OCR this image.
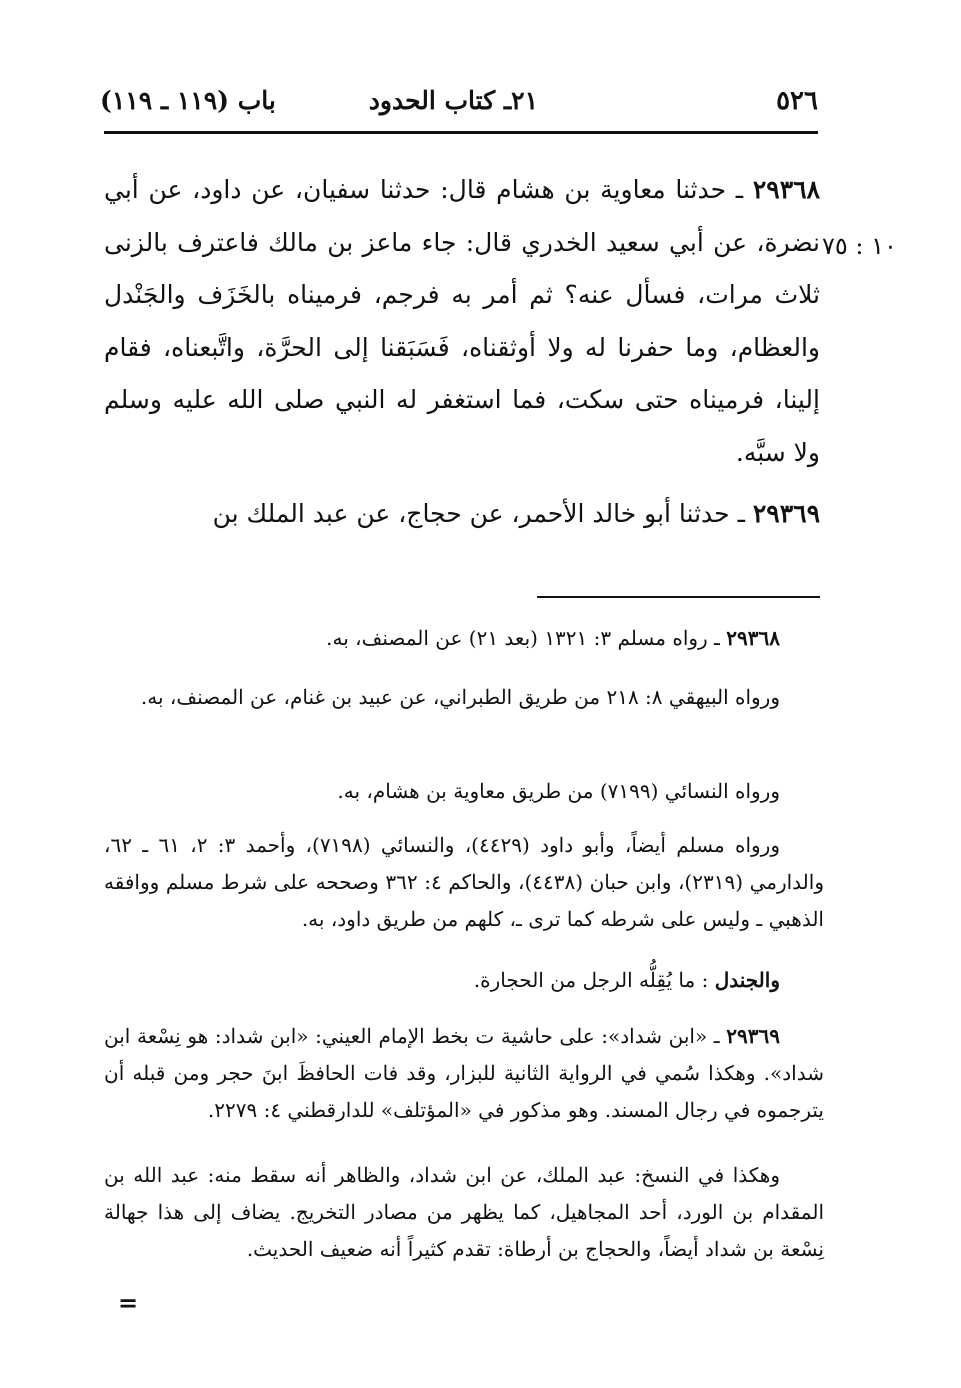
٥٢٦
٢١ـ كتاب الحدود
باب (١١٩ ـ ١١٩)
١٠ : ٧٥

٢٩٣٦٨ ـ حدثنا معاوية بن هشام قال: حدثنا سفيان، عن داود، عن أبي نضرة، عن أبي سعيد الخدري قال: جاء ماعز بن مالك فاعترف بالزنى ثلاث مرات، فسأل عنه؟ ثم أمر به فرجم، فرميناه بالخَزَف والجَنْدل والعظام، وما حفرنا له ولا أوثقناه، فَسَبَقنا إلى الحرَّة، واتَّبعناه، فقام إلينا، فرميناه حتى سكت، فما استغفر له النبي صلى الله عليه وسلم ولا سبَّه.

٢٩٣٦٩ ـ حدثنا أبو خالد الأحمر، عن حجاج، عن عبد الملك بن

٢٩٣٦٨ ـ رواه مسلم ٣: ١٣٢١ (بعد ٢١) عن المصنف، به.

ورواه البيهقي ٨: ٢١٨ من طريق الطبراني، عن عبيد بن غنام، عن المصنف، به.

ورواه النسائي (٧١٩٩) من طريق معاوية بن هشام، به.

ورواه مسلم أيضاً، وأبو داود (٤٤٢٩)، والنسائي (٧١٩٨)، وأحمد ٣: ٢، ٦١ ـ ٦٢، والدارمي (٢٣١٩)، وابن حبان (٤٤٣٨)، والحاكم ٤: ٣٦٢ وصححه على شرط مسلم ووافقه الذهبي ـ وليس على شرطه كما ترى ـ، كلهم من طريق داود، به.

والجندل : ما يُقِلُّه الرجل من الحجارة.

٢٩٣٦٩ ـ «ابن شداد»: على حاشية ت بخط الإمام العيني: «ابن شداد: هو نِسْعة ابن شداد». وهكذا سُمي في الرواية الثانية للبزار، وقد فات الحافظَ ابنَ حجر ومن قبله أن يترجموه في رجال المسند. وهو مذكور في «المؤتلف» للدارقطني ٤: ٢٢٧٩.

وهكذا في النسخ: عبد الملك، عن ابن شداد، والظاهر أنه سقط منه: عبد الله بن المقدام بن الورد، أحد المجاهيل، كما يظهر من مصادر التخريج. يضاف إلى هذا جهالة نِسْعة بن شداد أيضاً، والحجاج بن أرطاة: تقدم كثيراً أنه ضعيف الحديث.

=
